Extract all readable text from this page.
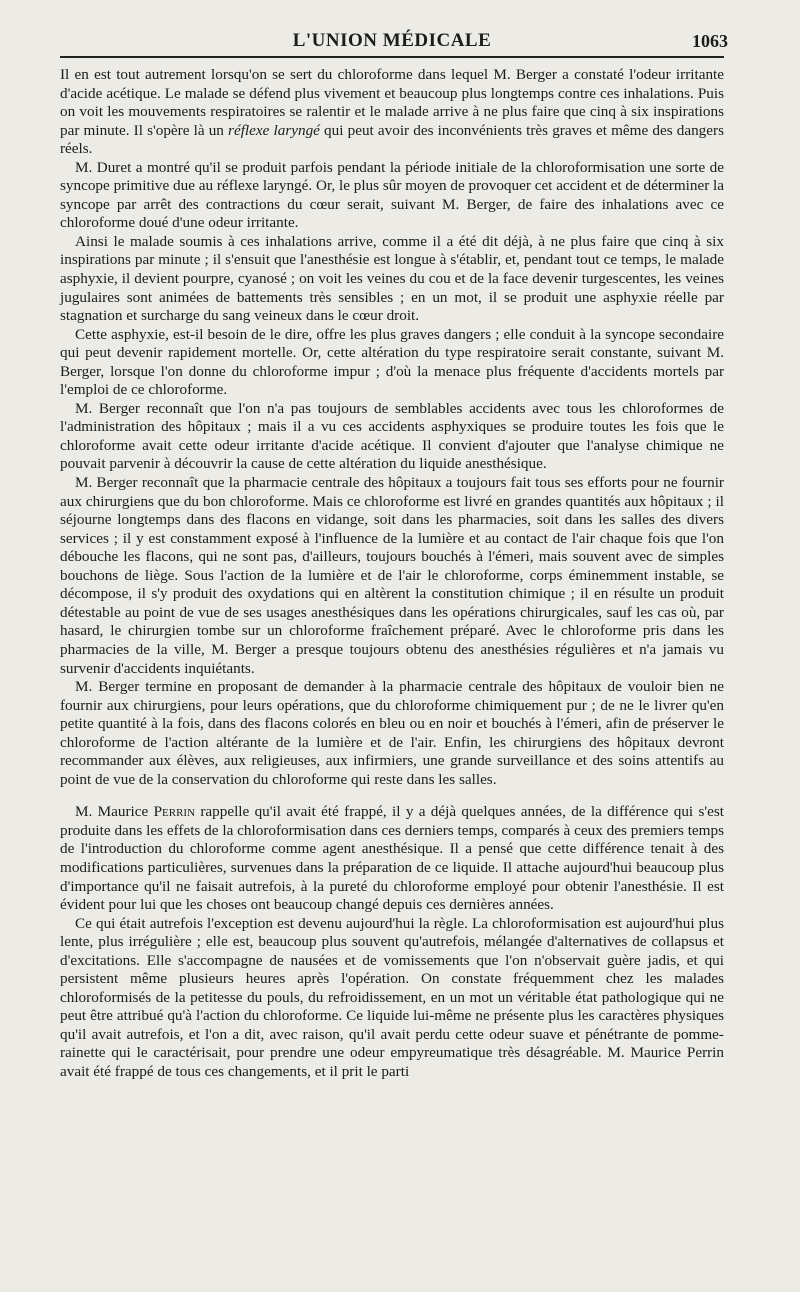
L'UNION MÉDICALE	1063

Il en est tout autrement lorsqu'on se sert du chloroforme dans lequel M. Berger a constaté l'odeur irritante d'acide acétique. Le malade se défend plus vivement et beaucoup plus longtemps contre ces inhalations. Puis on voit les mouvements respiratoires se ralentir et le malade arrive à ne plus faire que cinq à six inspirations par minute. Il s'opère là un réflexe laryngé qui peut avoir des inconvénients très graves et même des dangers réels.

M. Duret a montré qu'il se produit parfois pendant la période initiale de la chloroformisation une sorte de syncope primitive due au réflexe laryngé. Or, le plus sûr moyen de provoquer cet accident et de déterminer la syncope par arrêt des contractions du cœur serait, suivant M. Berger, de faire des inhalations avec ce chloroforme doué d'une odeur irritante.

Ainsi le malade soumis à ces inhalations arrive, comme il a été dit déjà, à ne plus faire que cinq à six inspirations par minute ; il s'ensuit que l'anesthésie est longue à s'établir, et, pendant tout ce temps, le malade asphyxie, il devient pourpre, cyanosé ; on voit les veines du cou et de la face devenir turgescentes, les veines jugulaires sont animées de battements très sensibles ; en un mot, il se produit une asphyxie réelle par stagnation et surcharge du sang veineux dans le cœur droit.

Cette asphyxie, est-il besoin de le dire, offre les plus graves dangers ; elle conduit à la syncope secondaire qui peut devenir rapidement mortelle. Or, cette altération du type respiratoire serait constante, suivant M. Berger, lorsque l'on donne du chloroforme impur ; d'où la menace plus fréquente d'accidents mortels par l'emploi de ce chloroforme.

M. Berger reconnaît que l'on n'a pas toujours de semblables accidents avec tous les chloroformes de l'administration des hôpitaux ; mais il a vu ces accidents asphyxiques se produire toutes les fois que le chloroforme avait cette odeur irritante d'acide acétique. Il convient d'ajouter que l'analyse chimique ne pouvait parvenir à découvrir la cause de cette altération du liquide anesthésique.

M. Berger reconnaît que la pharmacie centrale des hôpitaux a toujours fait tous ses efforts pour ne fournir aux chirurgiens que du bon chloroforme. Mais ce chloroforme est livré en grandes quantités aux hôpitaux ; il séjourne longtemps dans des flacons en vidange, soit dans les pharmacies, soit dans les salles des divers services ; il y est constamment exposé à l'influence de la lumière et au contact de l'air chaque fois que l'on débouche les flacons, qui ne sont pas, d'ailleurs, toujours bouchés à l'émeri, mais souvent avec de simples bouchons de liège. Sous l'action de la lumière et de l'air le chloroforme, corps éminemment instable, se décompose, il s'y produit des oxydations qui en altèrent la constitution chimique ; il en résulte un produit détestable au point de vue de ses usages anesthésiques dans les opérations chirurgicales, sauf les cas où, par hasard, le chirurgien tombe sur un chloroforme fraîchement préparé. Avec le chloroforme pris dans les pharmacies de la ville, M. Berger a presque toujours obtenu des anesthésies régulières et n'a jamais vu survenir d'accidents inquiétants.

M. Berger termine en proposant de demander à la pharmacie centrale des hôpitaux de vouloir bien ne fournir aux chirurgiens, pour leurs opérations, que du chloroforme chimiquement pur ; de ne le livrer qu'en petite quantité à la fois, dans des flacons colorés en bleu ou en noir et bouchés à l'émeri, afin de préserver le chloroforme de l'action altérante de la lumière et de l'air. Enfin, les chirurgiens des hôpitaux devront recommander aux élèves, aux religieuses, aux infirmiers, une grande surveillance et des soins attentifs au point de vue de la conservation du chloroforme qui reste dans les salles.

M. Maurice Perrin rappelle qu'il avait été frappé, il y a déjà quelques années, de la différence qui s'est produite dans les effets de la chloroformisation dans ces derniers temps, comparés à ceux des premiers temps de l'introduction du chloroforme comme agent anesthésique. Il a pensé que cette différence tenait à des modifications particulières, survenues dans la préparation de ce liquide. Il attache aujourd'hui beaucoup plus d'importance qu'il ne faisait autrefois, à la pureté du chloroforme employé pour obtenir l'anesthésie. Il est évident pour lui que les choses ont beaucoup changé depuis ces dernières années.

Ce qui était autrefois l'exception est devenu aujourd'hui la règle. La chloroformisation est aujourd'hui plus lente, plus irrégulière ; elle est, beaucoup plus souvent qu'autrefois, mélangée d'alternatives de collapsus et d'excitations. Elle s'accompagne de nausées et de vomissements que l'on n'observait guère jadis, et qui persistent même plusieurs heures après l'opération. On constate fréquemment chez les malades chloroformisés de la petitesse du pouls, du refroidissement, en un mot un véritable état pathologique qui ne peut être attribué qu'à l'action du chloroforme. Ce liquide lui-même ne présente plus les caractères physiques qu'il avait autrefois, et l'on a dit, avec raison, qu'il avait perdu cette odeur suave et pénétrante de pomme-rainette qui le caractérisait, pour prendre une odeur empyreumatique très désagréable. M. Maurice Perrin avait été frappé de tous ces changements, et il prit le parti
